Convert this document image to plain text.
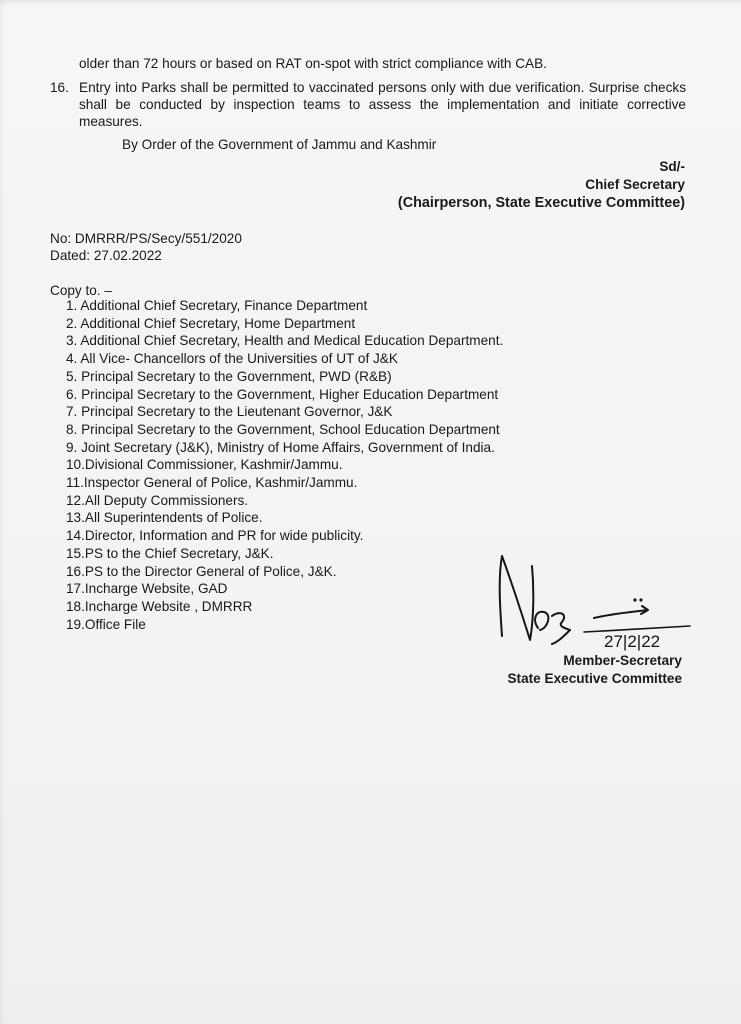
older than 72 hours or based on RAT on-spot with strict compliance with CAB.
16. Entry into Parks shall be permitted to vaccinated persons only with due verification. Surprise checks shall be conducted by inspection teams to assess the implementation and initiate corrective measures.
By Order of the Government of Jammu and Kashmir
Sd/-
Chief Secretary
(Chairperson, State Executive Committee)
No: DMRRR/PS/Secy/551/2020
Dated: 27.02.2022
Copy to. –
1. Additional Chief Secretary, Finance Department
2. Additional Chief Secretary, Home Department
3. Additional Chief Secretary, Health and Medical Education Department.
4. All Vice- Chancellors of the Universities of UT of J&K
5. Principal Secretary to the Government, PWD (R&B)
6. Principal Secretary to the Government, Higher Education Department
7. Principal Secretary to the Lieutenant Governor, J&K
8. Principal Secretary to the Government, School Education Department
9. Joint Secretary (J&K), Ministry of Home Affairs, Government of India.
10.Divisional Commissioner, Kashmir/Jammu.
11.Inspector General of Police, Kashmir/Jammu.
12.All Deputy Commissioners.
13.All Superintendents of Police.
14.Director, Information and PR for wide publicity.
15.PS to the Chief Secretary, J&K.
16.PS to the Director General of Police, J&K.
17.Incharge Website, GAD
18.Incharge Website , DMRRR
19.Office File
27|2|22
Member-Secretary
State Executive Committee
